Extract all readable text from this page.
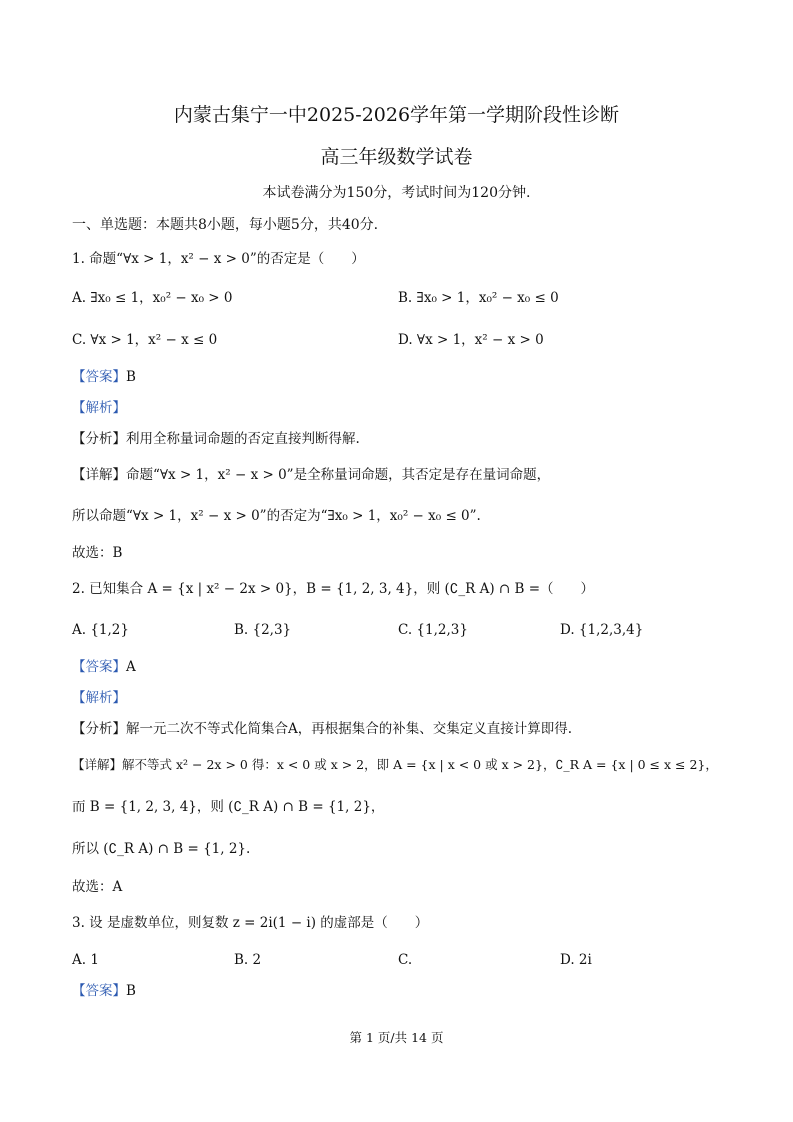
内蒙古集宁一中2025-2026学年第一学期阶段性诊断
高三年级数学试卷
本试卷满分为150分，考试时间为120分钟.
一、单选题：本题共8小题，每小题5分，共40分.
1. 命题“∀x > 1，x² − x > 0”的否定是（　　）
A. ∃x₀ ≤ 1，x₀² − x₀ > 0	B. ∃x₀ > 1，x₀² − x₀ ≤ 0
C. ∀x > 1，x² − x ≤ 0	D. ∀x > 1，x² − x > 0
【答案】B
【解析】
【分析】利用全称量词命题的否定直接判断得解.
【详解】命题“∀x > 1，x² − x > 0”是全称量词命题，其否定是存在量词命题，
所以命题“∀x > 1，x² − x > 0”的否定为“∃x₀ > 1，x₀² − x₀ ≤ 0”.
故选：B
2. 已知集合 A = {x | x² − 2x > 0}，B = {1, 2, 3, 4}，则 (∁_R A) ∩ B =（　　）
A. {1,2}	B. {2,3}	C. {1,2,3}	D. {1,2,3,4}
【答案】A
【解析】
【分析】解一元二次不等式化简集合A，再根据集合的补集、交集定义直接计算即得.
【详解】解不等式 x² − 2x > 0 得：x < 0 或 x > 2，即 A = {x | x < 0 或 x > 2}，∁_R A = {x | 0 ≤ x ≤ 2}，
而 B = {1, 2, 3, 4}，则 (∁_R A) ∩ B = {1, 2}，
所以 (∁_R A) ∩ B = {1, 2}.
故选：A
3. 设 是虚数单位，则复数 z = 2i(1 − i) 的虚部是（　　）
A. 1	B. 2	C.	D. 2i
【答案】B
第 1 页/共 14 页
